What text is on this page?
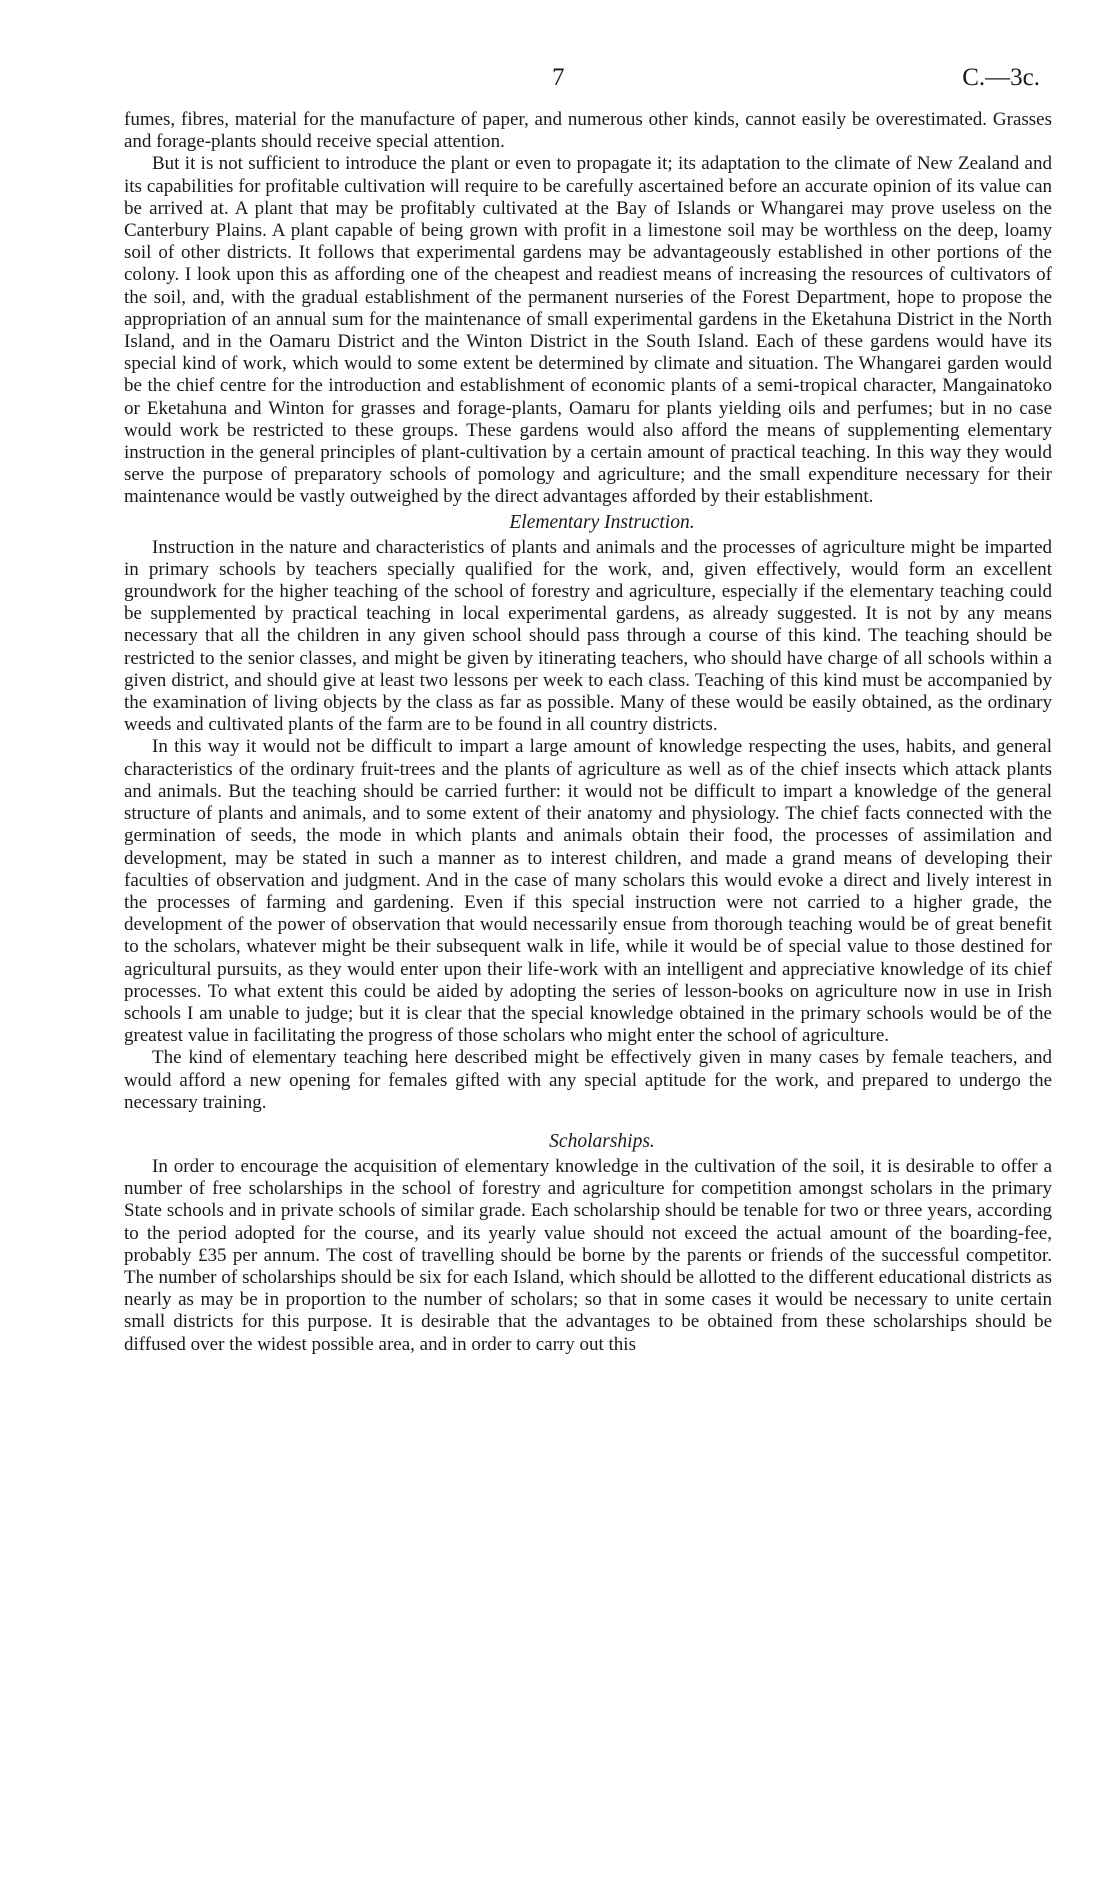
7	C.—3c.

fumes, fibres, material for the manufacture of paper, and numerous other kinds, cannot easily be overestimated. Grasses and forage-plants should receive special attention.

But it is not sufficient to introduce the plant or even to propagate it; its adaptation to the climate of New Zealand and its capabilities for profitable cultivation will require to be carefully ascertained before an accurate opinion of its value can be arrived at. A plant that may be profitably cultivated at the Bay of Islands or Whangarei may prove useless on the Canterbury Plains. A plant capable of being grown with profit in a limestone soil may be worthless on the deep, loamy soil of other districts. It follows that experimental gardens may be advantageously established in other portions of the colony. I look upon this as affording one of the cheapest and readiest means of increasing the resources of cultivators of the soil, and, with the gradual establishment of the permanent nurseries of the Forest Department, hope to propose the appropriation of an annual sum for the maintenance of small experimental gardens in the Eketahuna District in the North Island, and in the Oamaru District and the Winton District in the South Island. Each of these gardens would have its special kind of work, which would to some extent be determined by climate and situation. The Whangarei garden would be the chief centre for the introduction and establishment of economic plants of a semi-tropical character, Mangainatoko or Eketahuna and Winton for grasses and forage-plants, Oamaru for plants yielding oils and perfumes; but in no case would work be restricted to these groups. These gardens would also afford the means of supplementing elementary instruction in the general principles of plant-cultivation by a certain amount of practical teaching. In this way they would serve the purpose of preparatory schools of pomology and agriculture; and the small expenditure necessary for their maintenance would be vastly outweighed by the direct advantages afforded by their establishment.

Elementary Instruction.

Instruction in the nature and characteristics of plants and animals and the processes of agriculture might be imparted in primary schools by teachers specially qualified for the work, and, given effectively, would form an excellent groundwork for the higher teaching of the school of forestry and agriculture, especially if the elementary teaching could be supplemented by practical teaching in local experimental gardens, as already suggested. It is not by any means necessary that all the children in any given school should pass through a course of this kind. The teaching should be restricted to the senior classes, and might be given by itinerating teachers, who should have charge of all schools within a given district, and should give at least two lessons per week to each class. Teaching of this kind must be accompanied by the examination of living objects by the class as far as possible. Many of these would be easily obtained, as the ordinary weeds and cultivated plants of the farm are to be found in all country districts.

In this way it would not be difficult to impart a large amount of knowledge respecting the uses, habits, and general characteristics of the ordinary fruit-trees and the plants of agriculture as well as of the chief insects which attack plants and animals. But the teaching should be carried further: it would not be difficult to impart a knowledge of the general structure of plants and animals, and to some extent of their anatomy and physiology. The chief facts connected with the germination of seeds, the mode in which plants and animals obtain their food, the processes of assimilation and development, may be stated in such a manner as to interest children, and made a grand means of developing their faculties of observation and judgment. And in the case of many scholars this would evoke a direct and lively interest in the processes of farming and gardening. Even if this special instruction were not carried to a higher grade, the development of the power of observation that would necessarily ensue from thorough teaching would be of great benefit to the scholars, whatever might be their subsequent walk in life, while it would be of special value to those destined for agricultural pursuits, as they would enter upon their life-work with an intelligent and appreciative knowledge of its chief processes. To what extent this could be aided by adopting the series of lesson-books on agriculture now in use in Irish schools I am unable to judge; but it is clear that the special knowledge obtained in the primary schools would be of the greatest value in facilitating the progress of those scholars who might enter the school of agriculture.

The kind of elementary teaching here described might be effectively given in many cases by female teachers, and would afford a new opening for females gifted with any special aptitude for the work, and prepared to undergo the necessary training.

Scholarships.

In order to encourage the acquisition of elementary knowledge in the cultivation of the soil, it is desirable to offer a number of free scholarships in the school of forestry and agriculture for competition amongst scholars in the primary State schools and in private schools of similar grade. Each scholarship should be tenable for two or three years, according to the period adopted for the course, and its yearly value should not exceed the actual amount of the boarding-fee, probably £35 per annum. The cost of travelling should be borne by the parents or friends of the successful competitor. The number of scholarships should be six for each Island, which should be allotted to the different educational districts as nearly as may be in proportion to the number of scholars; so that in some cases it would be necessary to unite certain small districts for this purpose. It is desirable that the advantages to be obtained from these scholarships should be diffused over the widest possible area, and in order to carry out this
